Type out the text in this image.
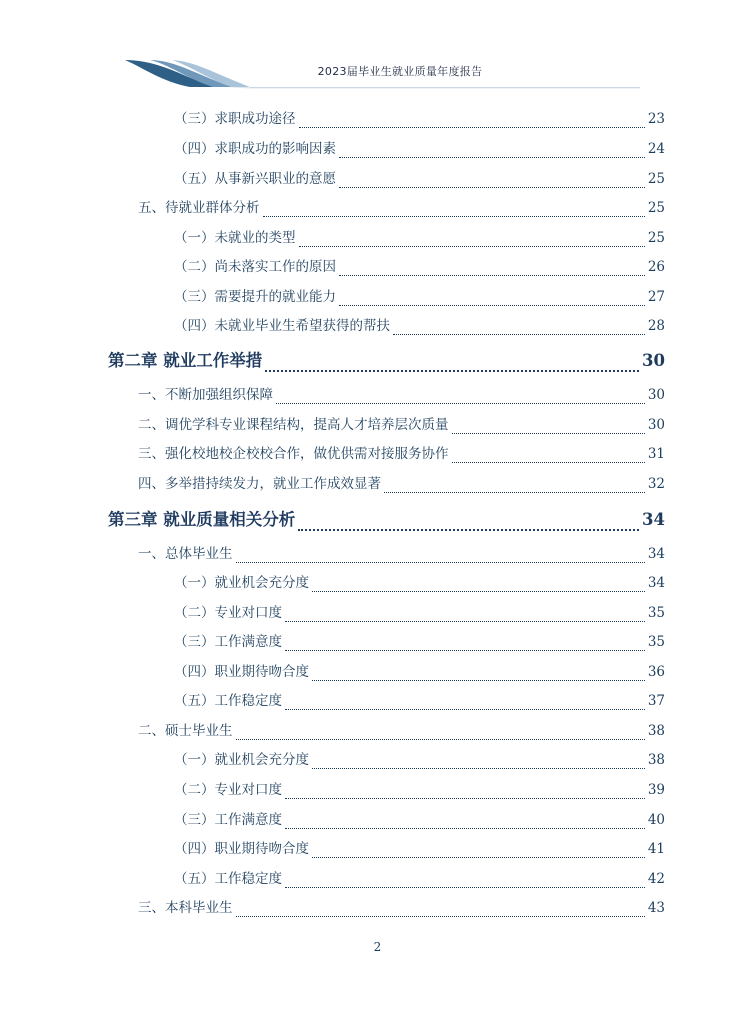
2023届毕业生就业质量年度报告
（三）求职成功途径	23
（四）求职成功的影响因素	24
（五）从事新兴职业的意愿	25
五、待就业群体分析	25
（一）未就业的类型	25
（二）尚未落实工作的原因	26
（三）需要提升的就业能力	27
（四）未就业毕业生希望获得的帮扶	28
第二章 就业工作举措	30
一、不断加强组织保障	30
二、调优学科专业课程结构，提高人才培养层次质量	30
三、强化校地校企校校合作，做优供需对接服务协作	31
四、多举措持续发力，就业工作成效显著	32
第三章 就业质量相关分析	34
一、总体毕业生	34
（一）就业机会充分度	34
（二）专业对口度	35
（三）工作满意度	35
（四）职业期待吻合度	36
（五）工作稳定度	37
二、硕士毕业生	38
（一）就业机会充分度	38
（二）专业对口度	39
（三）工作满意度	40
（四）职业期待吻合度	41
（五）工作稳定度	42
三、本科毕业生	43
2
